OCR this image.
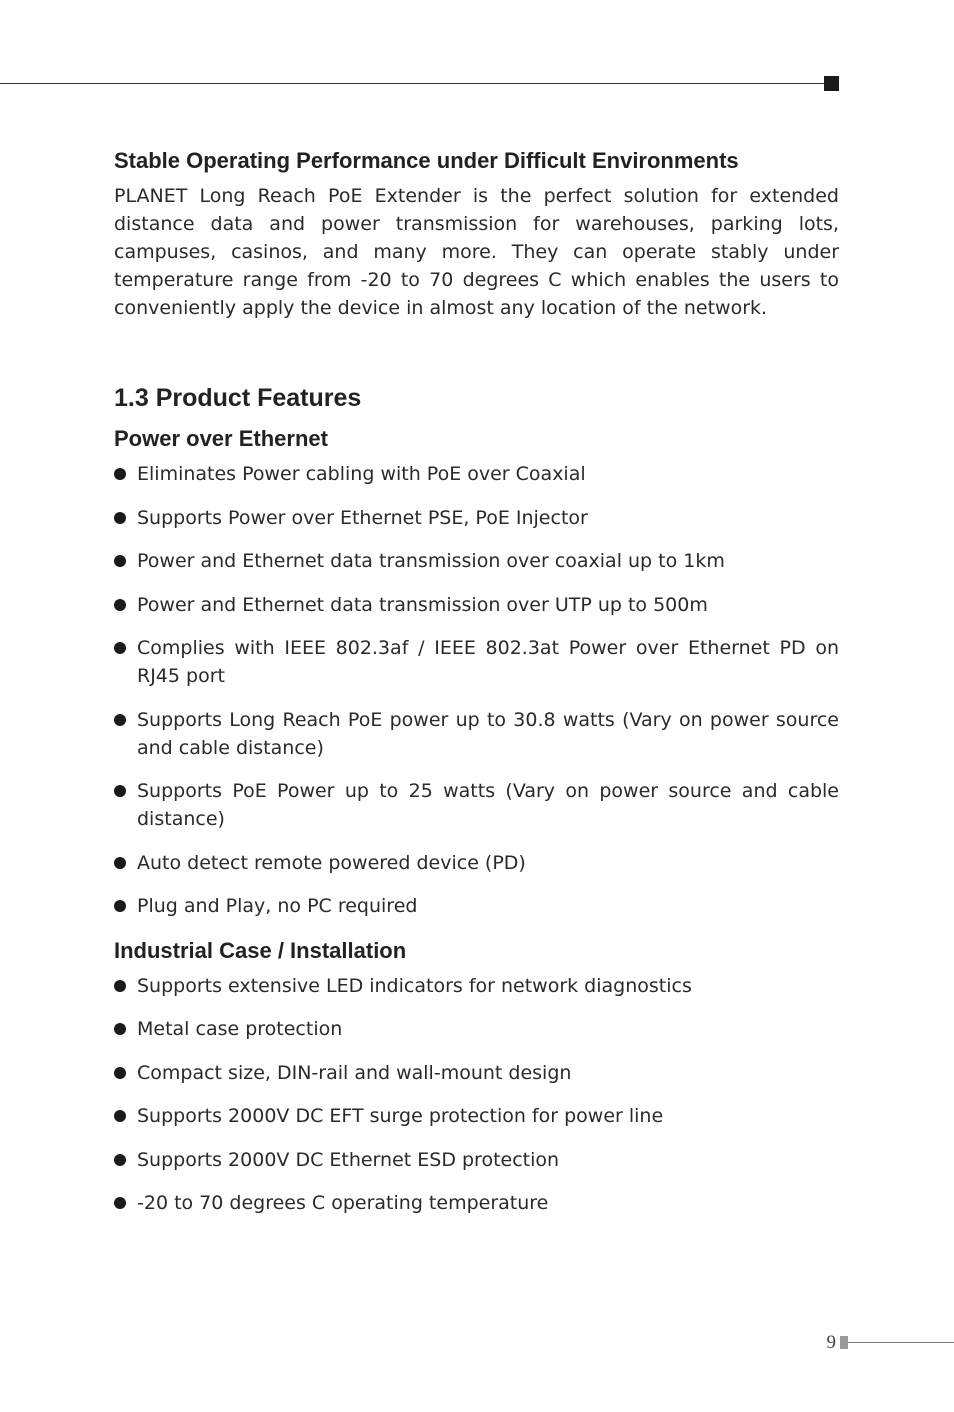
Stable Operating Performance under Difficult Environments

PLANET Long Reach PoE Extender is the perfect solution for extended distance data and power transmission for warehouses, parking lots, campuses, casinos, and many more. They can operate stably under temperature range from -20 to 70 degrees C which enables the users to conveniently apply the device in almost any location of the network.

1.3 Product Features
Power over Ethernet
Eliminates Power cabling with PoE over Coaxial
Supports Power over Ethernet PSE, PoE Injector
Power and Ethernet data transmission over coaxial up to 1km
Power and Ethernet data transmission over UTP up to 500m
Complies with IEEE 802.3af / IEEE 802.3at Power over Ethernet PD on RJ45 port
Supports Long Reach PoE power up to 30.8 watts (Vary on power source and cable distance)
Supports PoE Power up to 25 watts (Vary on power source and cable distance)
Auto detect remote powered device (PD)
Plug and Play, no PC required
Industrial Case / Installation
Supports extensive LED indicators for network diagnostics
Metal case protection
Compact size, DIN-rail and wall-mount design
Supports 2000V DC EFT surge protection for power line
Supports 2000V DC Ethernet ESD protection
-20 to 70 degrees C operating temperature
9
